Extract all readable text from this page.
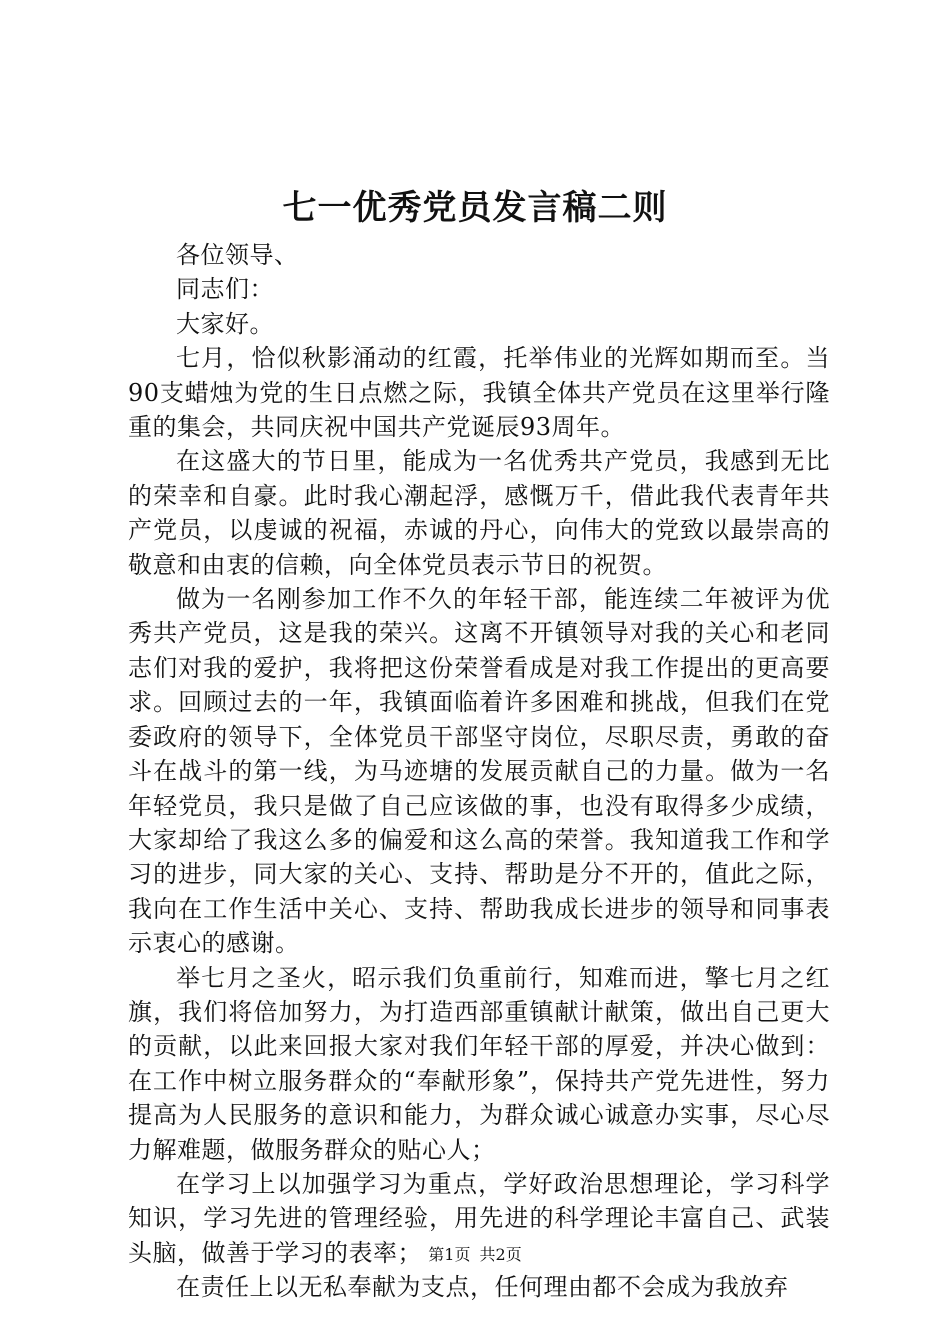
七一优秀党员发言稿二则

各位领导、

同志们：

大家好。

七月，恰似秋影涌动的红霞，托举伟业的光辉如期而至。当90支蜡烛为党的生日点燃之际，我镇全体共产党员在这里举行隆重的集会，共同庆祝中国共产党诞辰93周年。

在这盛大的节日里，能成为一名优秀共产党员，我感到无比的荣幸和自豪。此时我心潮起浮，感慨万千，借此我代表青年共产党员，以虔诚的祝福，赤诚的丹心，向伟大的党致以最崇高的敬意和由衷的信赖，向全体党员表示节日的祝贺。

做为一名刚参加工作不久的年轻干部，能连续二年被评为优秀共产党员，这是我的荣兴。这离不开镇领导对我的关心和老同志们对我的爱护，我将把这份荣誉看成是对我工作提出的更高要求。回顾过去的一年，我镇面临着许多困难和挑战，但我们在党委政府的领导下，全体党员干部坚守岗位，尽职尽责，勇敢的奋斗在战斗的第一线，为马迹塘的发展贡献自己的力量。做为一名年轻党员，我只是做了自己应该做的事，也没有取得多少成绩，大家却给了我这么多的偏爱和这么高的荣誉。我知道我工作和学习的进步，同大家的关心、支持、帮助是分不开的，值此之际，我向在工作生活中关心、支持、帮助我成长进步的领导和同事表示衷心的感谢。

举七月之圣火，昭示我们负重前行，知难而进，擎七月之红旗，我们将倍加努力，为打造西部重镇献计献策，做出自己更大的贡献，以此来回报大家对我们年轻干部的厚爱，并决心做到：在工作中树立服务群众的“奉献形象”，保持共产党先进性，努力提高为人民服务的意识和能力，为群众诚心诚意办实事，尽心尽力解难题，做服务群众的贴心人；

在学习上以加强学习为重点，学好政治思想理论，学习科学知识，学习先进的管理经验，用先进的科学理论丰富自己、武装头脑，做善于学习的表率；

在责任上以无私奉献为支点，任何理由都不会成为我放弃

第1页 共2页
